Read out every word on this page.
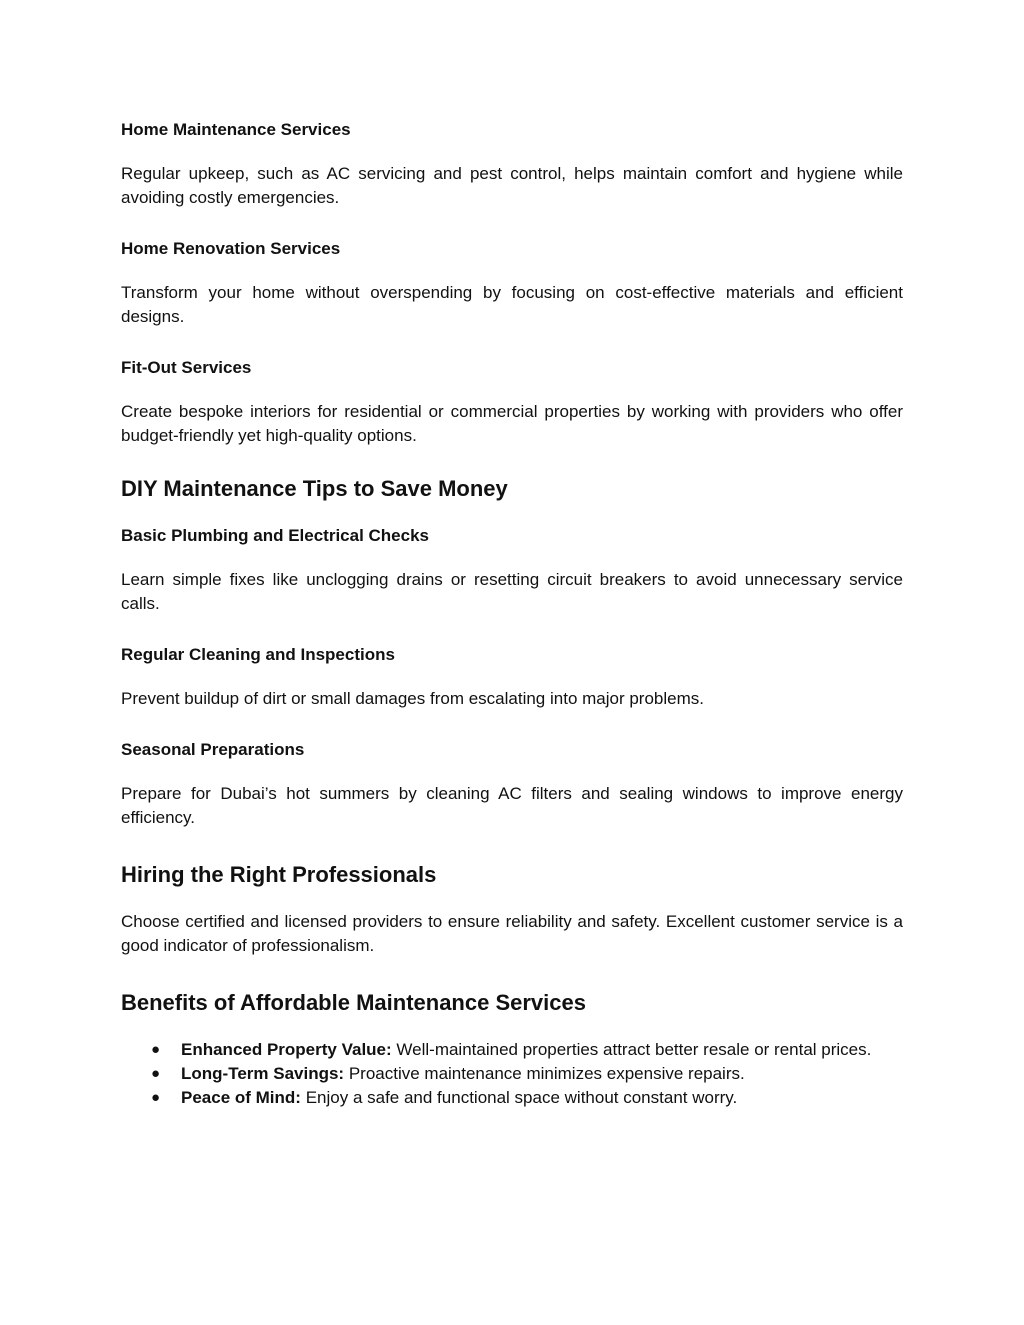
Home Maintenance Services

Regular upkeep, such as AC servicing and pest control, helps maintain comfort and hygiene while avoiding costly emergencies.

Home Renovation Services

Transform your home without overspending by focusing on cost-effective materials and efficient designs.

Fit-Out Services

Create bespoke interiors for residential or commercial properties by working with providers who offer budget-friendly yet high-quality options.

DIY Maintenance Tips to Save Money

Basic Plumbing and Electrical Checks

Learn simple fixes like unclogging drains or resetting circuit breakers to avoid unnecessary service calls.

Regular Cleaning and Inspections

Prevent buildup of dirt or small damages from escalating into major problems.

Seasonal Preparations

Prepare for Dubai’s hot summers by cleaning AC filters and sealing windows to improve energy efficiency.

Hiring the Right Professionals

Choose certified and licensed providers to ensure reliability and safety. Excellent customer service is a good indicator of professionalism.

Benefits of Affordable Maintenance Services

● Enhanced Property Value: Well-maintained properties attract better resale or rental prices.
● Long-Term Savings: Proactive maintenance minimizes expensive repairs.
● Peace of Mind: Enjoy a safe and functional space without constant worry.
